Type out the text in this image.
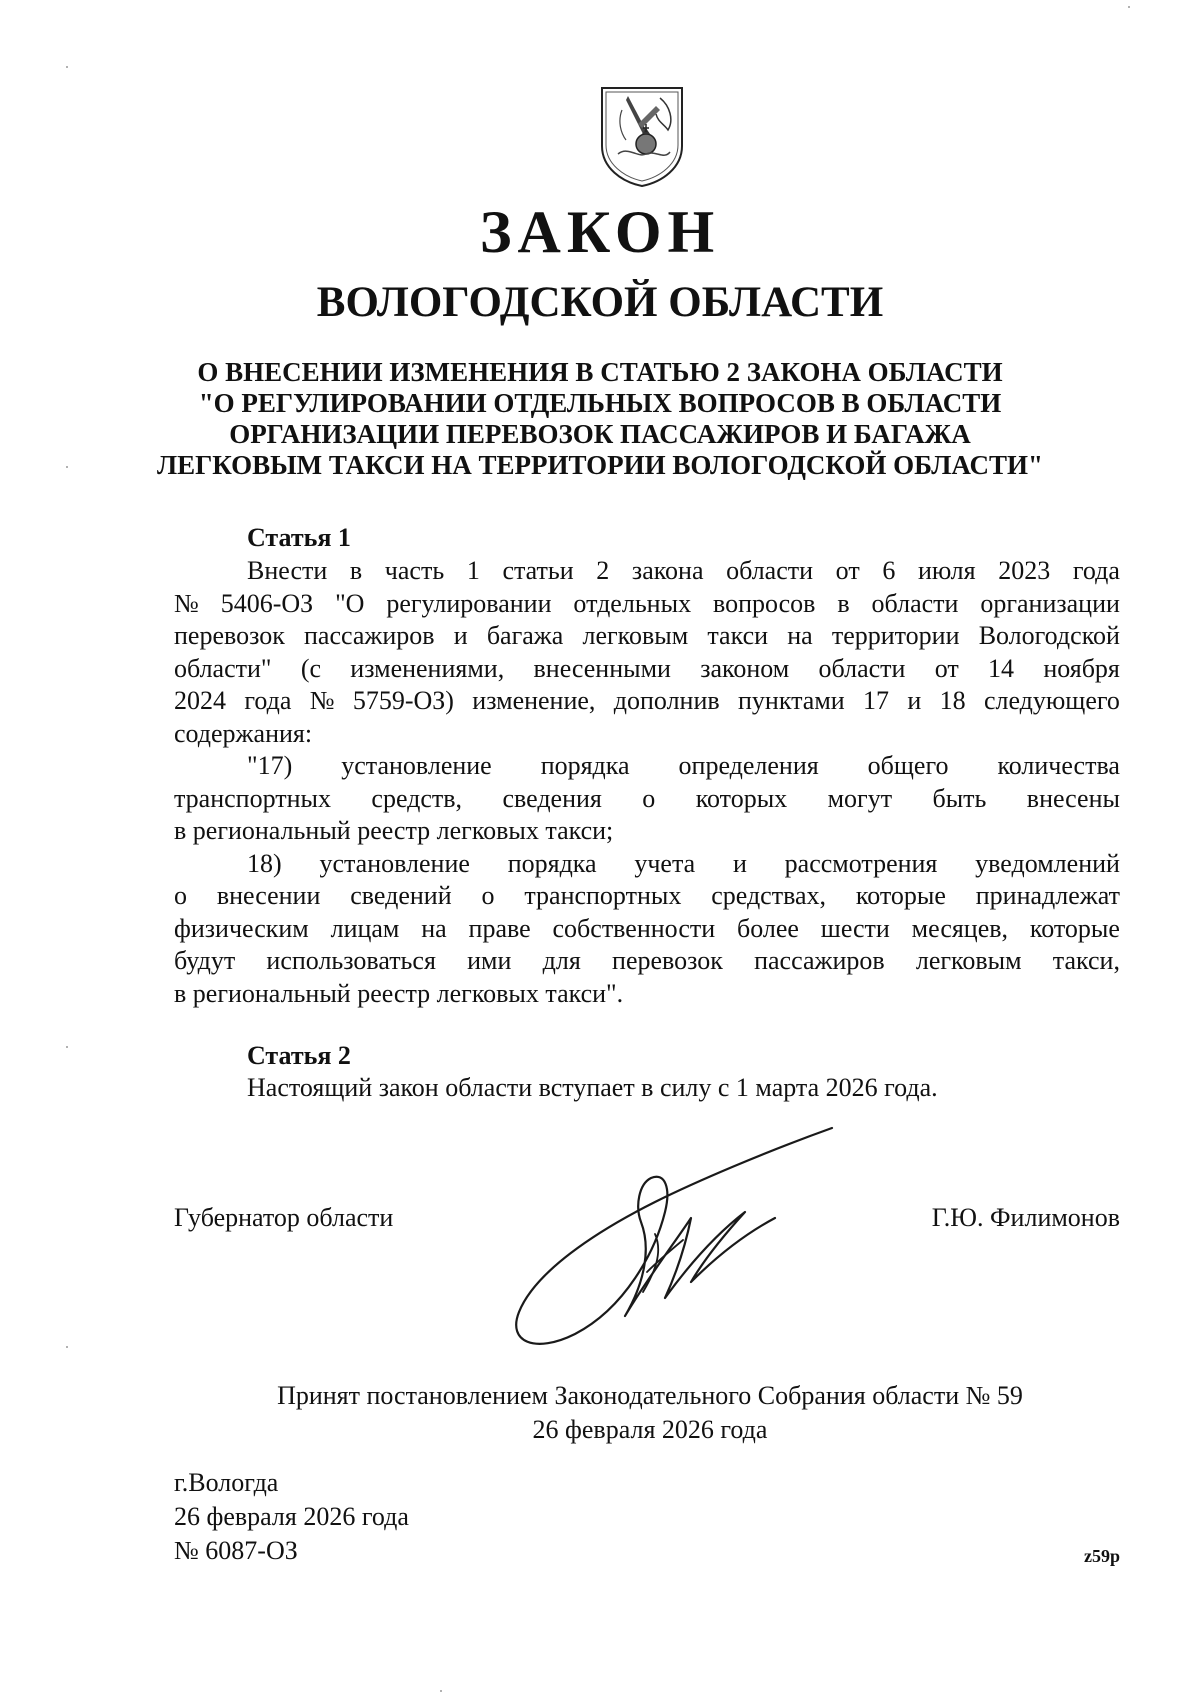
ЗАКОН
ВОЛОГОДСКОЙ ОБЛАСТИ
О ВНЕСЕНИИ ИЗМЕНЕНИЯ В СТАТЬЮ 2 ЗАКОНА ОБЛАСТИ
"О РЕГУЛИРОВАНИИ ОТДЕЛЬНЫХ ВОПРОСОВ В ОБЛАСТИ
ОРГАНИЗАЦИИ ПЕРЕВОЗОК ПАССАЖИРОВ И БАГАЖА
ЛЕГКОВЫМ ТАКСИ НА ТЕРРИТОРИИ ВОЛОГОДСКОЙ ОБЛАСТИ"
Статья 1
Внести в часть 1 статьи 2 закона области от 6 июля 2023 года
№ 5406-ОЗ "О регулировании отдельных вопросов в области организации
перевозок пассажиров и багажа легковым такси на территории Вологодской
области" (с изменениями, внесенными законом области от 14 ноября
2024 года № 5759-ОЗ) изменение, дополнив пунктами 17 и 18 следующего
содержания:
"17) установление порядка определения общего количества
транспортных средств, сведения о которых могут быть внесены
в региональный реестр легковых такси;
18) установление порядка учета и рассмотрения уведомлений
о внесении сведений о транспортных средствах, которые принадлежат
физическим лицам на праве собственности более шести месяцев, которые
будут использоваться ими для перевозок пассажиров легковым такси,
в региональный реестр легковых такси".
Статья 2
Настоящий закон области вступает в силу с 1 марта 2026 года.
Губернатор области	Г.Ю. Филимонов
Принят постановлением Законодательного Собрания области № 59
26 февраля 2026 года
г.Вологда
26 февраля 2026 года
№ 6087-ОЗ	z59p
